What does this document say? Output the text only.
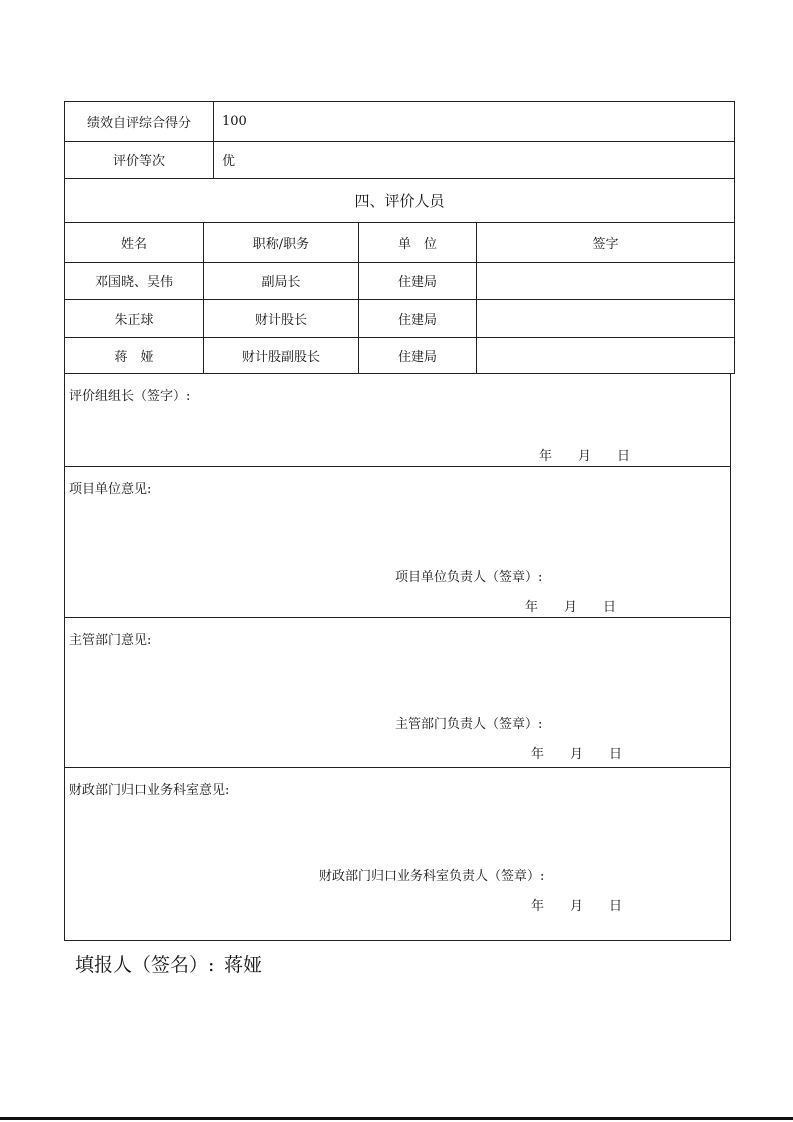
绩效自评综合得分	100
评价等次	优
四、评价人员
姓名	职称/职务	单　位	签字
邓国晓、吴伟	副局长	住建局
朱正球	财计股长	住建局
蒋　娅	财计股副股长	住建局
评价组组长（签字）:
年　　月　　日
项目单位意见:
项目单位负责人（签章）:
年　　月　　日
主管部门意见:
主管部门负责人（签章）:
年　　月　　日
财政部门归口业务科室意见:
财政部门归口业务科室负责人（签章）:
年　　月　　日
填报人（签名）: 蒋娅
